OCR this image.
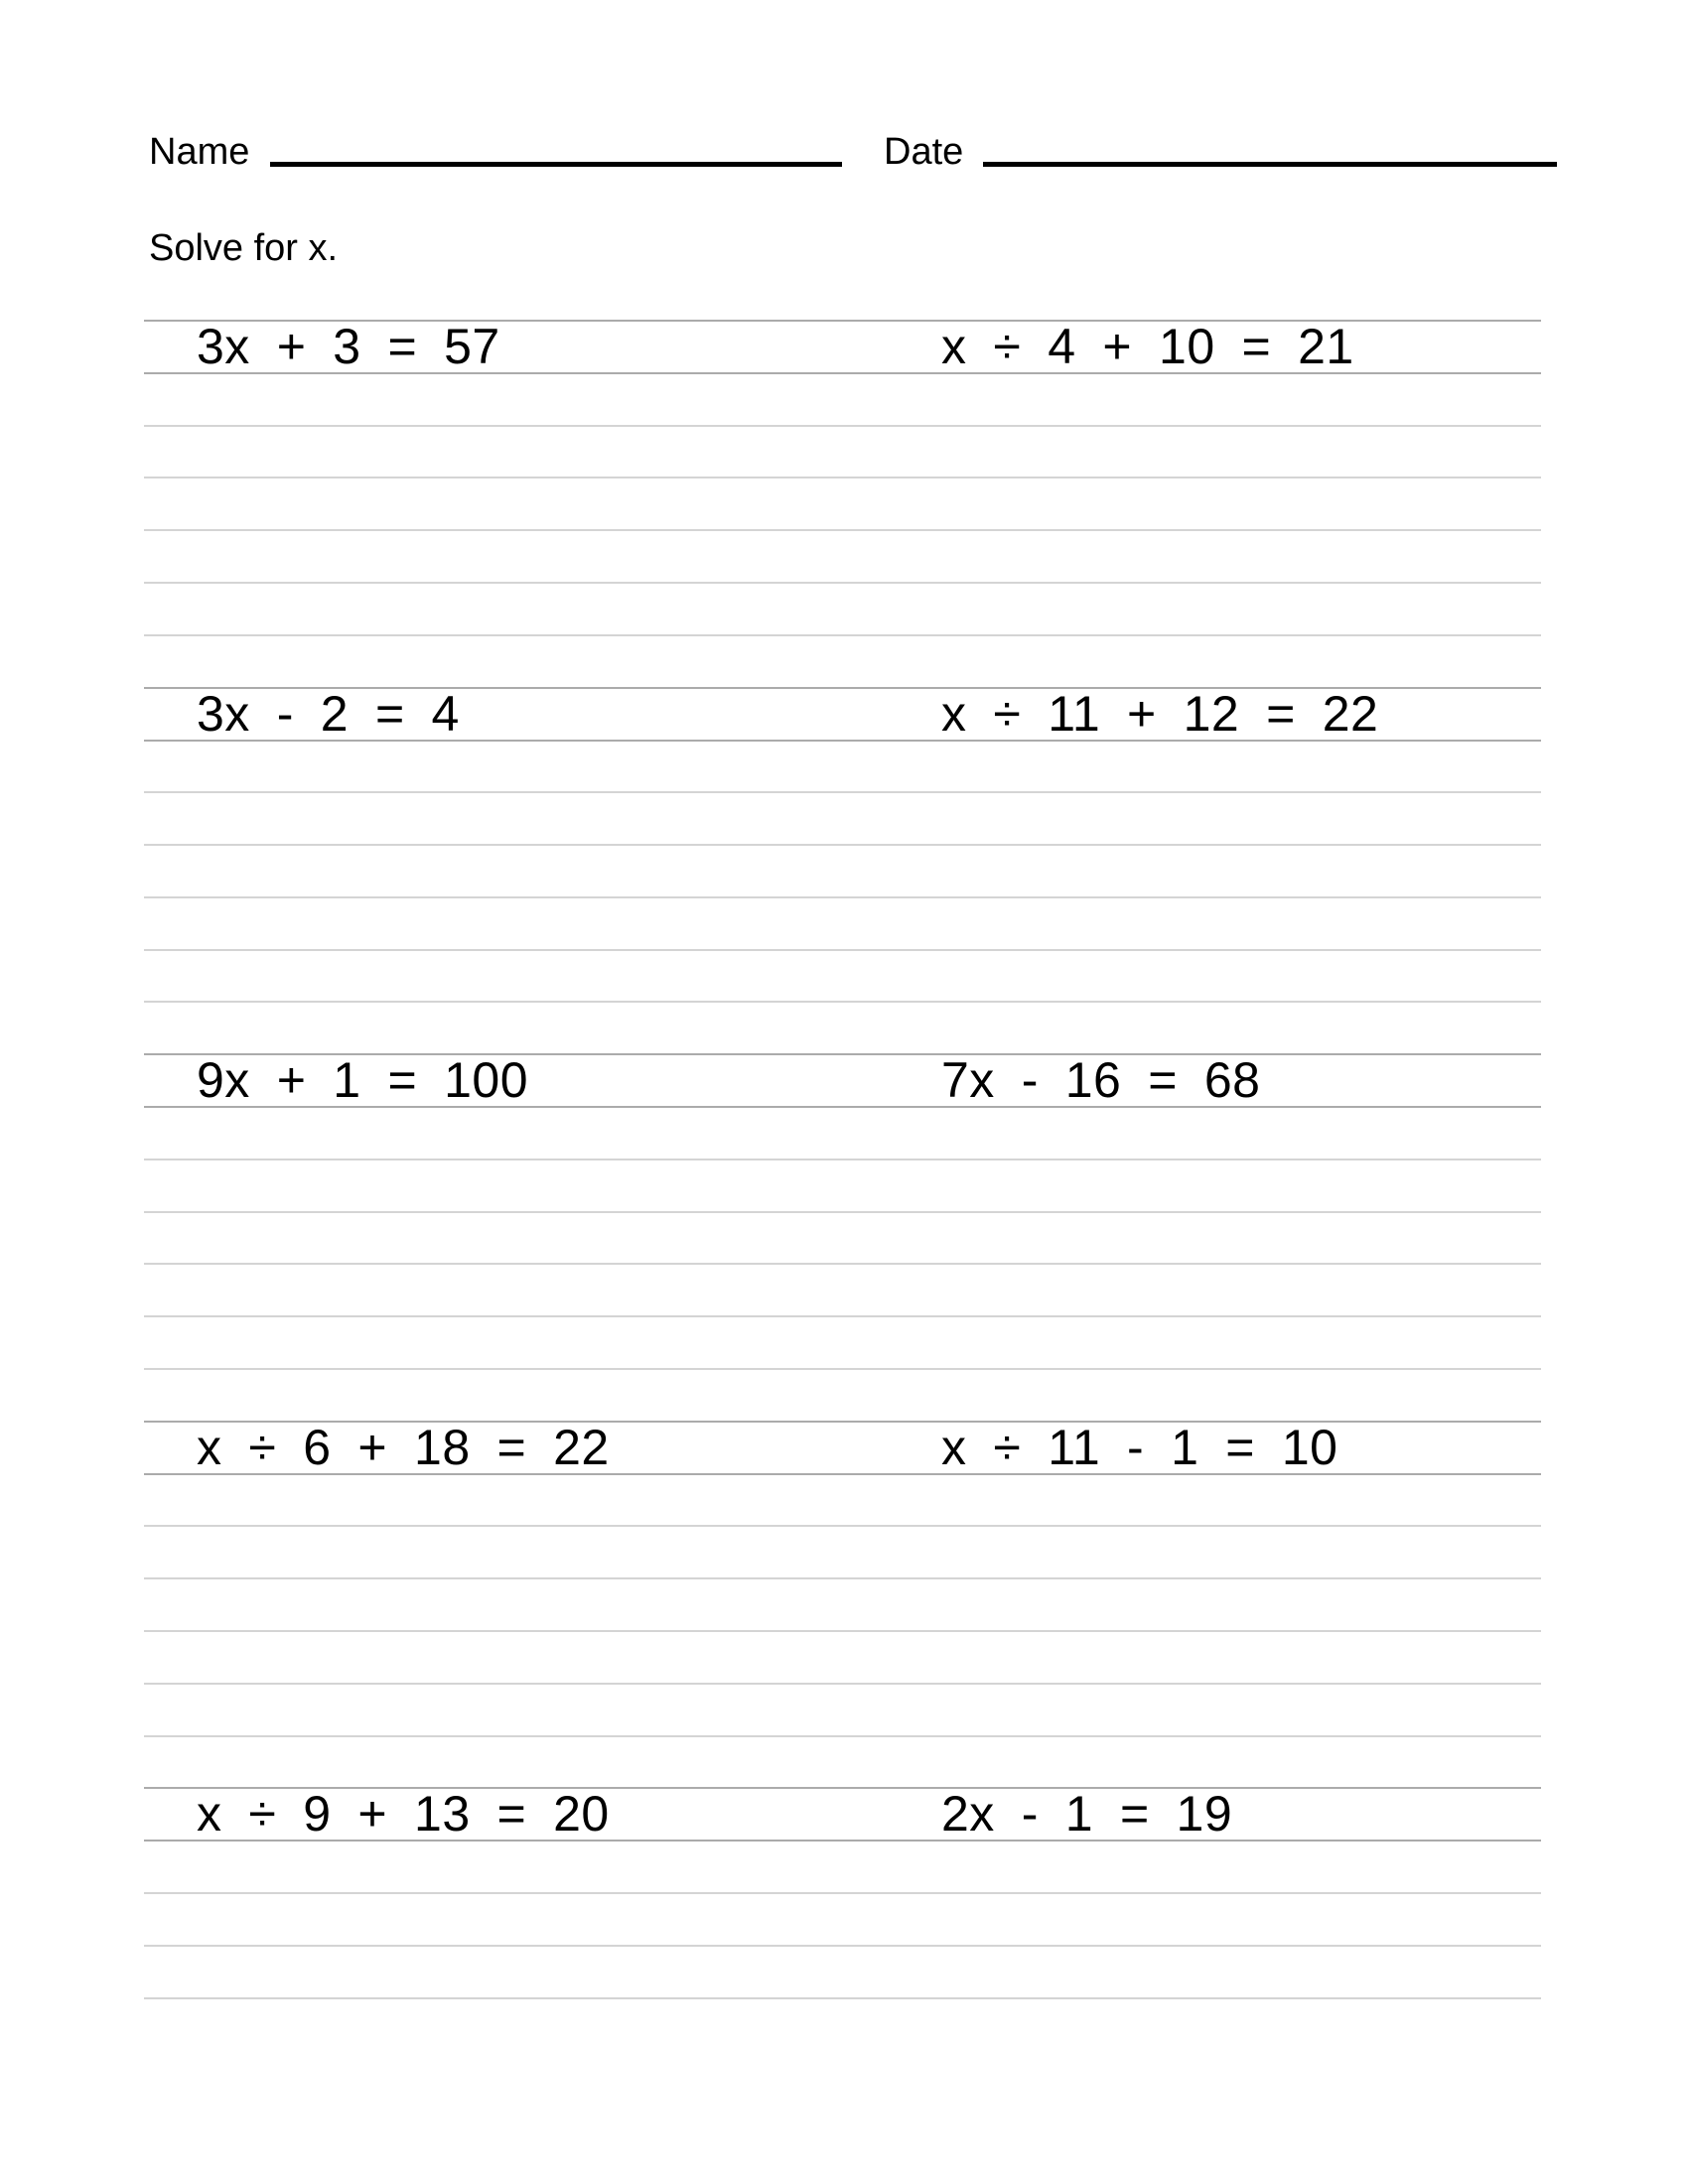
Name	Date
Solve for x.
3x + 3 = 57	x ÷ 4 + 10 = 21
3x - 2 = 4	x ÷ 11 + 12 = 22
9x + 1 = 100	7x - 16 = 68
x ÷ 6 + 18 = 22	x ÷ 11 - 1 = 10
x ÷ 9 + 13 = 20	2x - 1 = 19
